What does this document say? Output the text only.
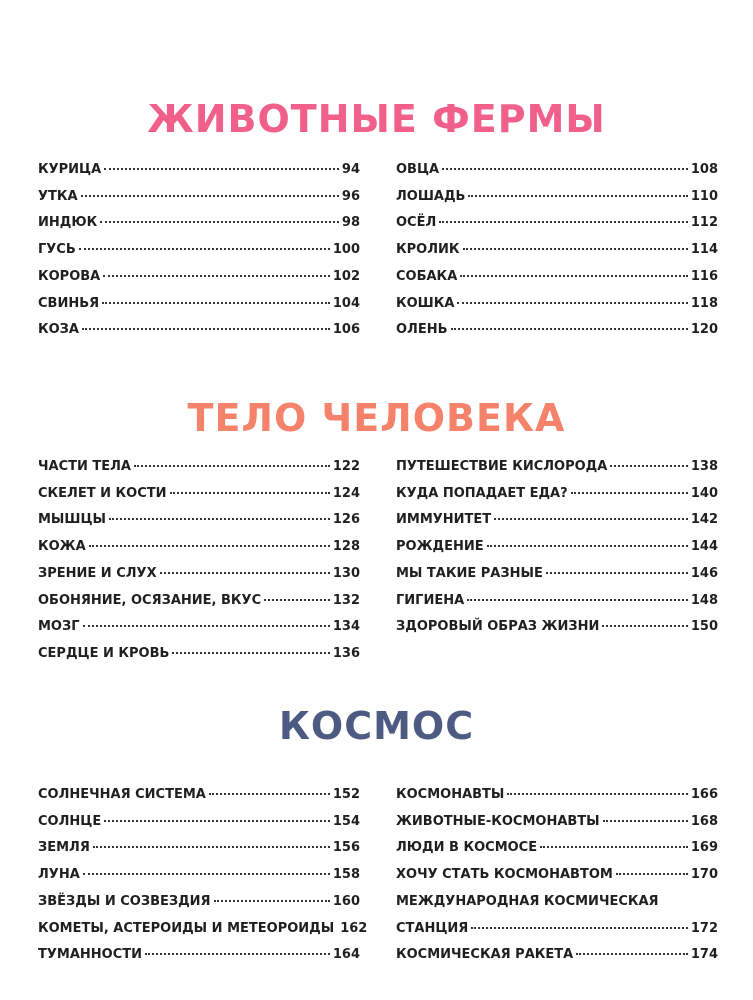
ЖИВОТНЫЕ ФЕРМЫ
КУРИЦА	94
УТКА	96
ИНДЮК	98
ГУСЬ	100
КОРОВА	102
СВИНЬЯ	104
КОЗА	106
ОВЦА	108
ЛОШАДЬ	110
ОСЁЛ	112
КРОЛИК	114
СОБАКА	116
КОШКА	118
ОЛЕНЬ	120
ТЕЛО ЧЕЛОВЕКА
ЧАСТИ ТЕЛА	122
СКЕЛЕТ И КОСТИ	124
МЫШЦЫ	126
КОЖА	128
ЗРЕНИЕ И СЛУХ	130
ОБОНЯНИЕ, ОСЯЗАНИЕ, ВКУС	132
МОЗГ	134
СЕРДЦЕ И КРОВЬ	136
ПУТЕШЕСТВИЕ КИСЛОРОДА	138
КУДА ПОПАДАЕТ ЕДА?	140
ИММУНИТЕТ	142
РОЖДЕНИЕ	144
МЫ ТАКИЕ РАЗНЫЕ	146
ГИГИЕНА	148
ЗДОРОВЫЙ ОБРАЗ ЖИЗНИ	150
КОСМОС
СОЛНЕЧНАЯ СИСТЕМА	152
СОЛНЦЕ	154
ЗЕМЛЯ	156
ЛУНА	158
ЗВЁЗДЫ И СОЗВЕЗДИЯ	160
КОМЕТЫ, АСТЕРОИДЫ И МЕТЕОРОИДЫ 162
ТУМАННОСТИ	164
КОСМОНАВТЫ	166
ЖИВОТНЫЕ-КОСМОНАВТЫ	168
ЛЮДИ В КОСМОСЕ	169
ХОЧУ СТАТЬ КОСМОНАВТОМ	170
МЕЖДУНАРОДНАЯ КОСМИЧЕСКАЯ
СТАНЦИЯ	172
КОСМИЧЕСКАЯ РАКЕТА	174
